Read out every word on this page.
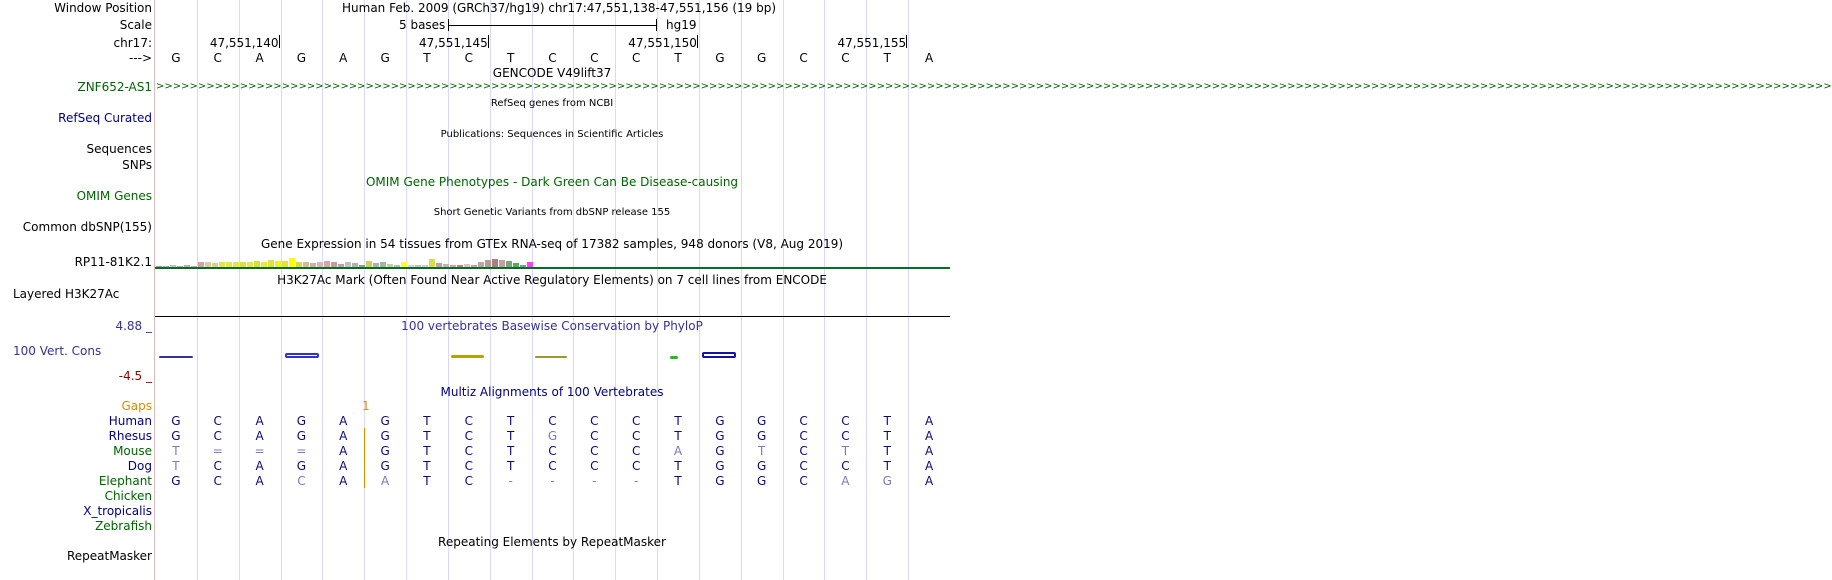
Window Position	Human Feb. 2009 (GRCh37/hg19) chr17:47,551,138-47,551,156 (19 bp)
Scale	5 bases	hg19
chr17:	47,551,140	47,551,145	47,551,150	47,551,155
---> G	C	A	G	A	G	T	C	T	C	C	C	T	G	G	C	C	T	A
GENCODE V49lift37
ZNF652-AS1 >>>>>>>>>>>>>>>>>>>>>>>>>>>>>>>>>>>>>>>>>>>>>>>>>>>>>>>>>>>>>>>>>>>>>>>>>>>>>>>>>>>>>>>>>>>>>>>>>>>>>>>>>>>>>>>>>>>>>>>>>>>>>>>>>>>>>>>>>>>>>>>>>>>>>>>>>>>>>>>>>>>>>>>>>>>>>>>>>>>>>>>>>>>>>>>>>>>>>>>>
RefSeq genes from NCBI
RefSeq Curated
Publications: Sequences in Scientific Articles
Sequences
SNPs
OMIM Gene Phenotypes - Dark Green Can Be Disease-causing
OMIM Genes
Short Genetic Variants from dbSNP release 155
Common dbSNP(155)
Gene Expression in 54 tissues from GTEx RNA-seq of 17382 samples, 948 donors (V8, Aug 2019)
RP11-81K2.1
H3K27Ac Mark (Often Found Near Active Regulatory Elements) on 7 cell lines from ENCODE
Layered H3K27Ac
4.88 _	100 vertebrates Basewise Conservation by PhyloP
100 Vert. Cons
-4.5 _
Multiz Alignments of 100 Vertebrates
Gaps	1
Human G	C	A	G	A	G	T	C	T	C	C	C	T	G	G	C	C	T	A
Rhesus G	C	A	G	A	G	T	C	T	G	C	C	T	G	G	C	C	T	A
Mouse	T	=	=	=	A	G	T	C	T	C	C	C	A	G	T	C	T	T	A
Dog	T	C	A	G	A	G	T	C	T	C	C	C	T	G	G	C	C	T	A
Elephant G	C	A	C	A	A	T	C	-	-	-	-	T	G	G	C	A	G	A
Chicken
X_tropicalis
Zebrafish
Repeating Elements by RepeatMasker
RepeatMasker
